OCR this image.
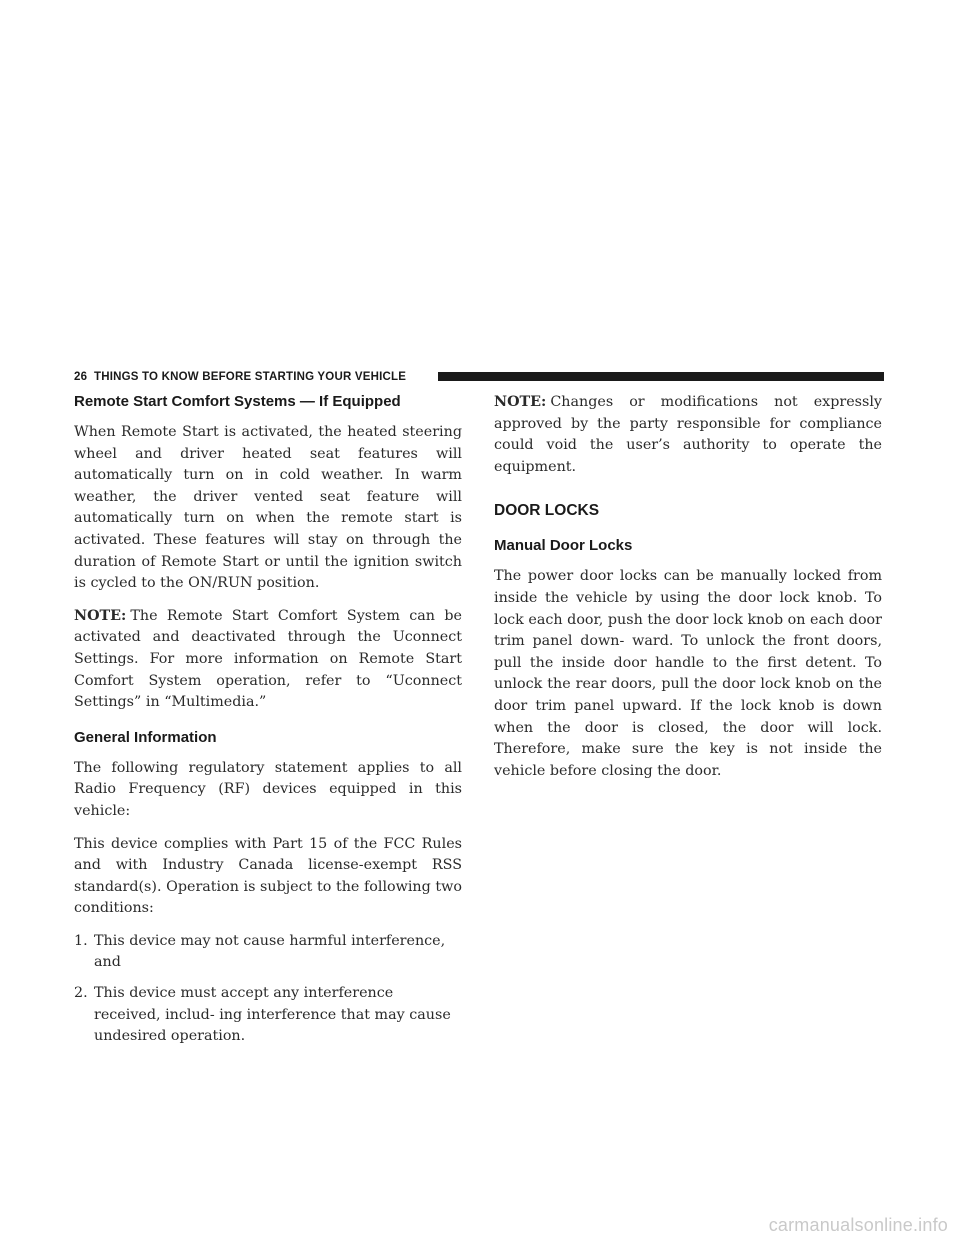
26 THINGS TO KNOW BEFORE STARTING YOUR VEHICLE
Remote Start Comfort Systems — If Equipped

When Remote Start is activated, the heated steering wheel and driver heated seat features will automatically turn on in cold weather. In warm weather, the driver vented seat feature will automatically turn on when the remote start is activated. These features will stay on through the duration of Remote Start or until the ignition switch is cycled to the ON/RUN position.

NOTE: The Remote Start Comfort System can be activated and deactivated through the Uconnect Settings. For more information on Remote Start Comfort System operation, refer to “Uconnect Settings” in “Multimedia.”

General Information

The following regulatory statement applies to all Radio Frequency (RF) devices equipped in this vehicle:

This device complies with Part 15 of the FCC Rules and with Industry Canada license-exempt RSS standard(s). Operation is subject to the following two conditions:

1. This device may not cause harmful interference, and
2. This device must accept any interference received, includ- ing interference that may cause undesired operation.

NOTE: Changes or modifications not expressly approved by the party responsible for compliance could void the user’s authority to operate the equipment.

DOOR LOCKS
Manual Door Locks

The power door locks can be manually locked from inside the vehicle by using the door lock knob. To lock each door, push the door lock knob on each door trim panel down- ward. To unlock the front doors, pull the inside door handle to the first detent. To unlock the rear doors, pull the door lock knob on the door trim panel upward. If the lock knob is down when the door is closed, the door will lock. Therefore, make sure the key is not inside the vehicle before closing the door.

carmanualsonline.info
